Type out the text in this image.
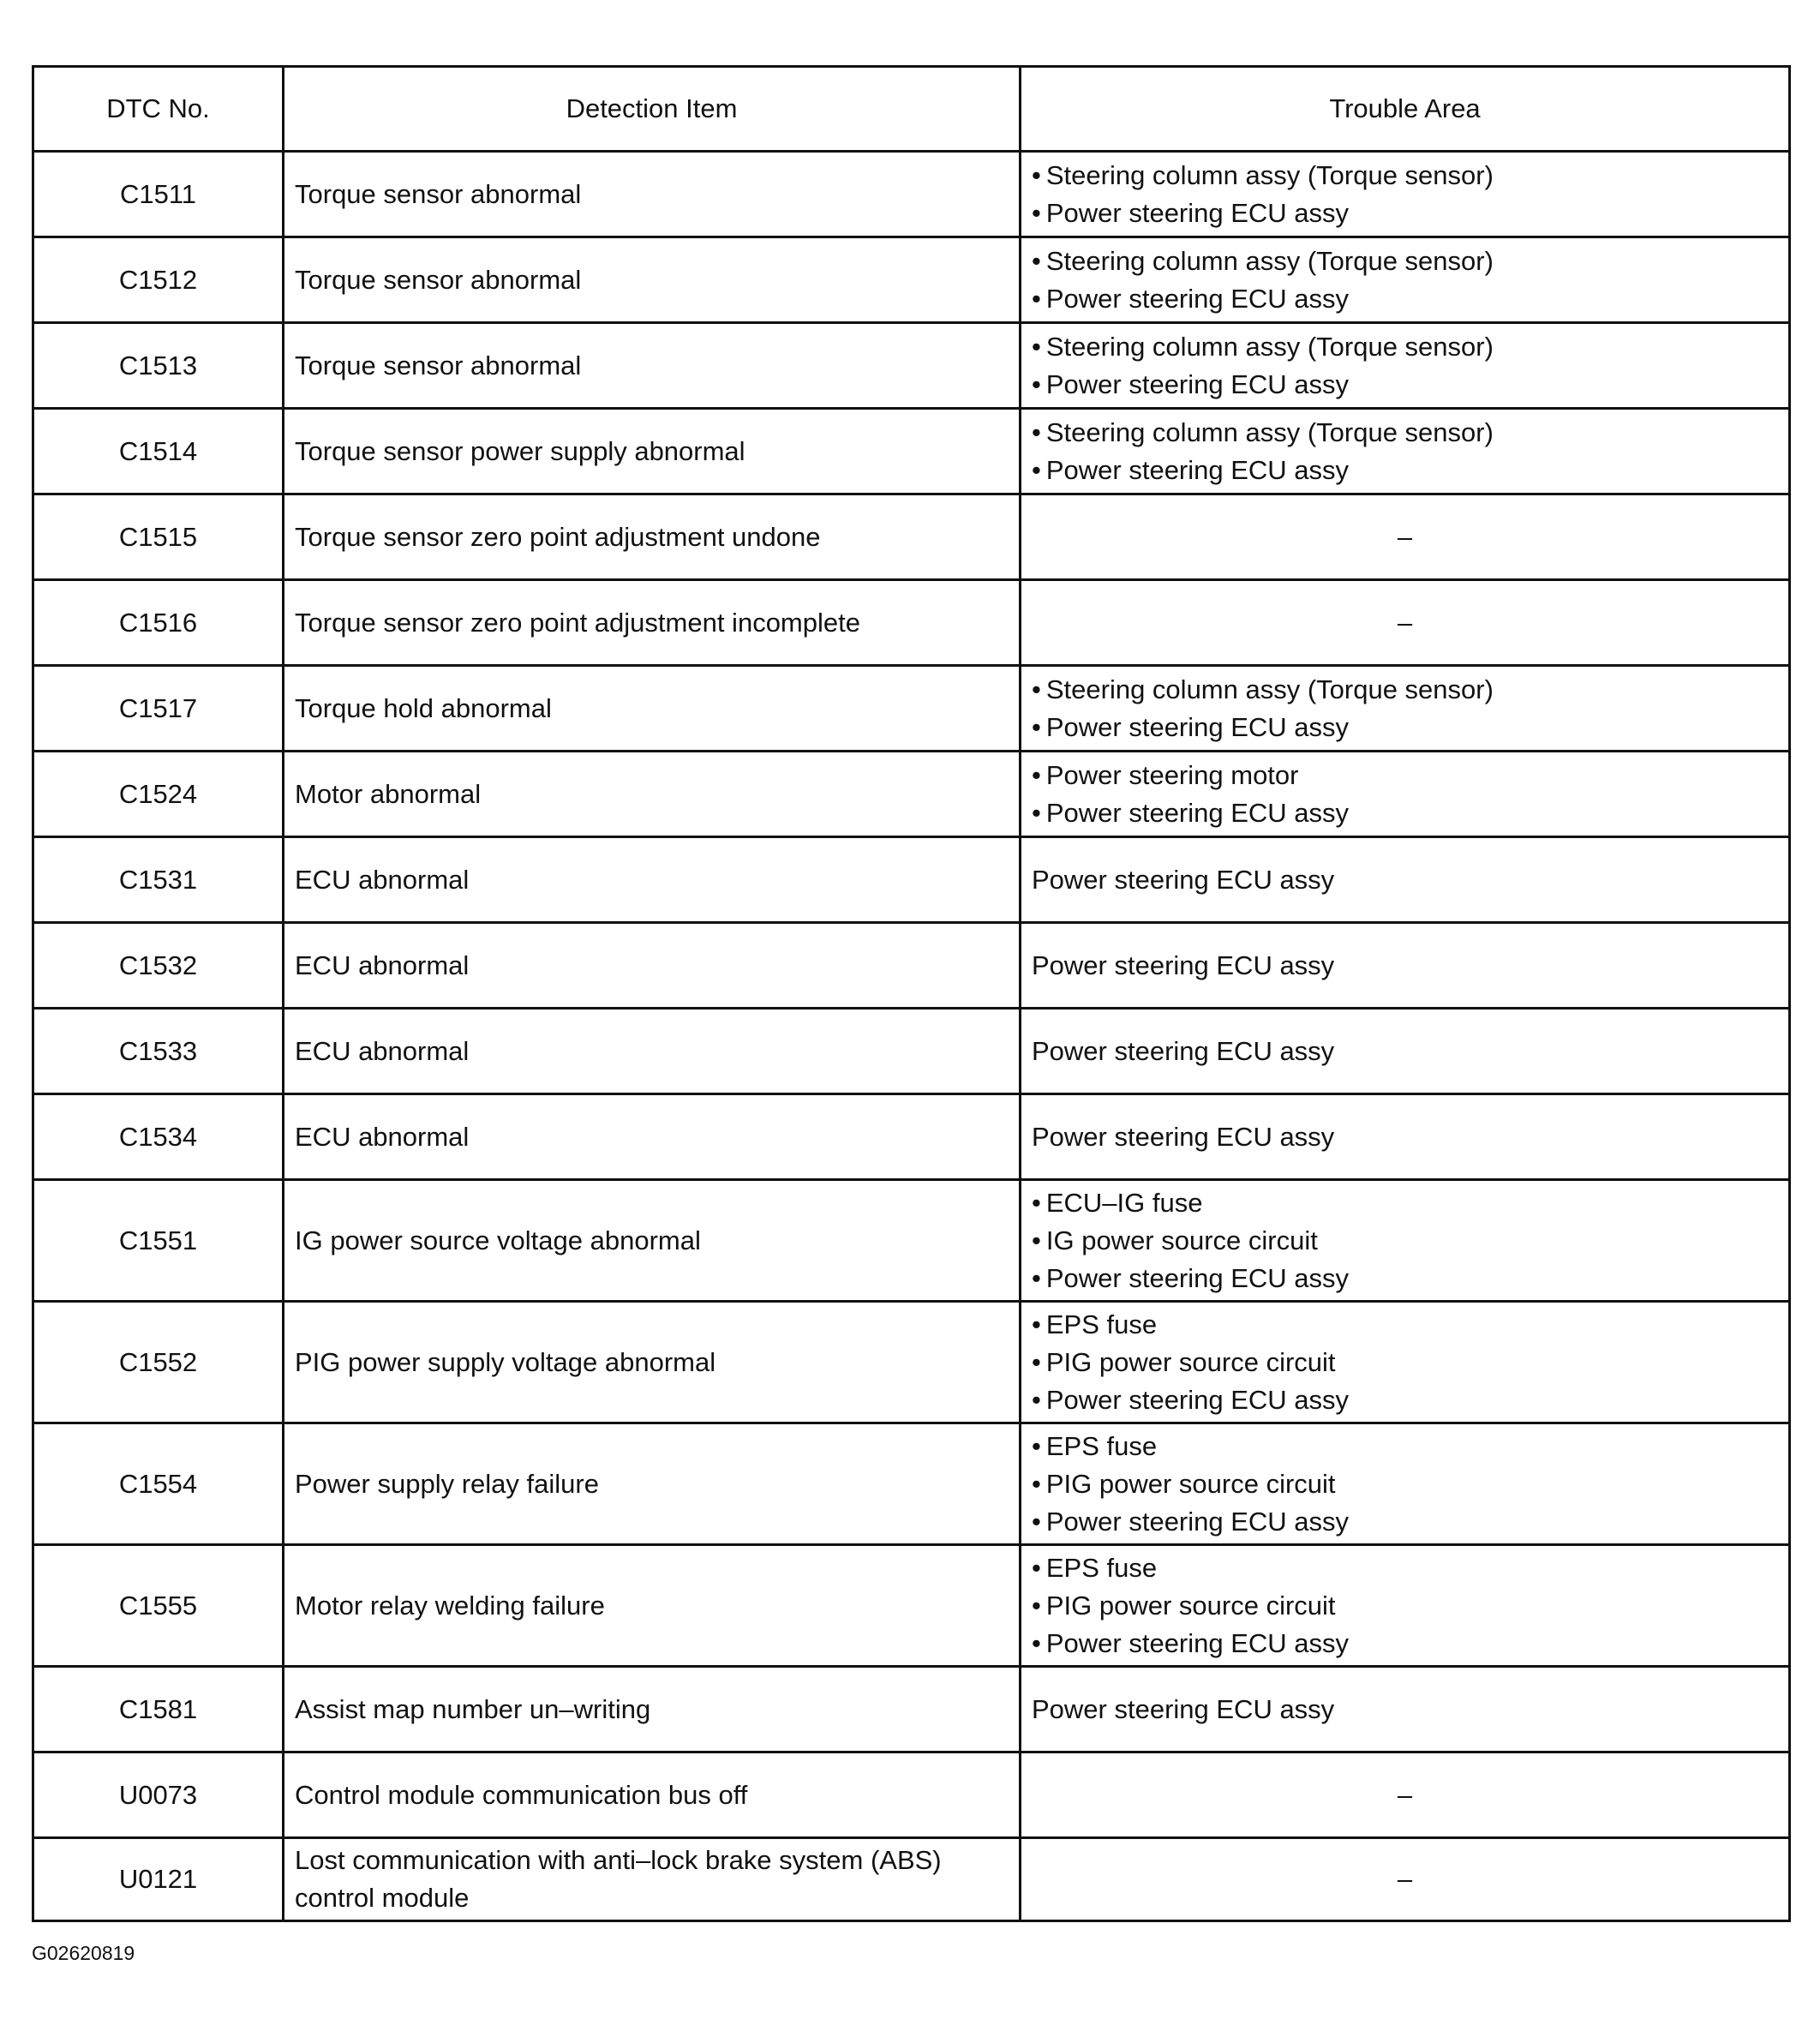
DTC No.	Detection Item	Trouble Area
C1511	Torque sensor abnormal	• Steering column assy (Torque sensor)
• Power steering ECU assy

C1512	Torque sensor abnormal	• Steering column assy (Torque sensor)
• Power steering ECU assy

C1513	Torque sensor abnormal	• Steering column assy (Torque sensor)
• Power steering ECU assy

C1514	Torque sensor power supply abnormal	• Steering column assy (Torque sensor)
• Power steering ECU assy

C1515	Torque sensor zero point adjustment undone	–

C1516	Torque sensor zero point adjustment incomplete	–

C1517	Torque hold abnormal	• Steering column assy (Torque sensor)
• Power steering ECU assy

C1524	Motor abnormal	• Power steering motor
• Power steering ECU assy

C1531	ECU abnormal	Power steering ECU assy

C1532	ECU abnormal	Power steering ECU assy

C1533	ECU abnormal	Power steering ECU assy

C1534	ECU abnormal	Power steering ECU assy

C1551	IG power source voltage abnormal	• ECU–IG fuse
• IG power source circuit
• Power steering ECU assy

C1552	PIG power supply voltage abnormal	• EPS fuse
• PIG power source circuit
• Power steering ECU assy

C1554	Power supply relay failure	• EPS fuse
• PIG power source circuit
• Power steering ECU assy

C1555	Motor relay welding failure	• EPS fuse
• PIG power source circuit
• Power steering ECU assy

C1581	Assist map number un–writing	Power steering ECU assy

U0073	Control module communication bus off	–

U0121	Lost communication with anti–lock brake system (ABS)
control module	–
G02620819
